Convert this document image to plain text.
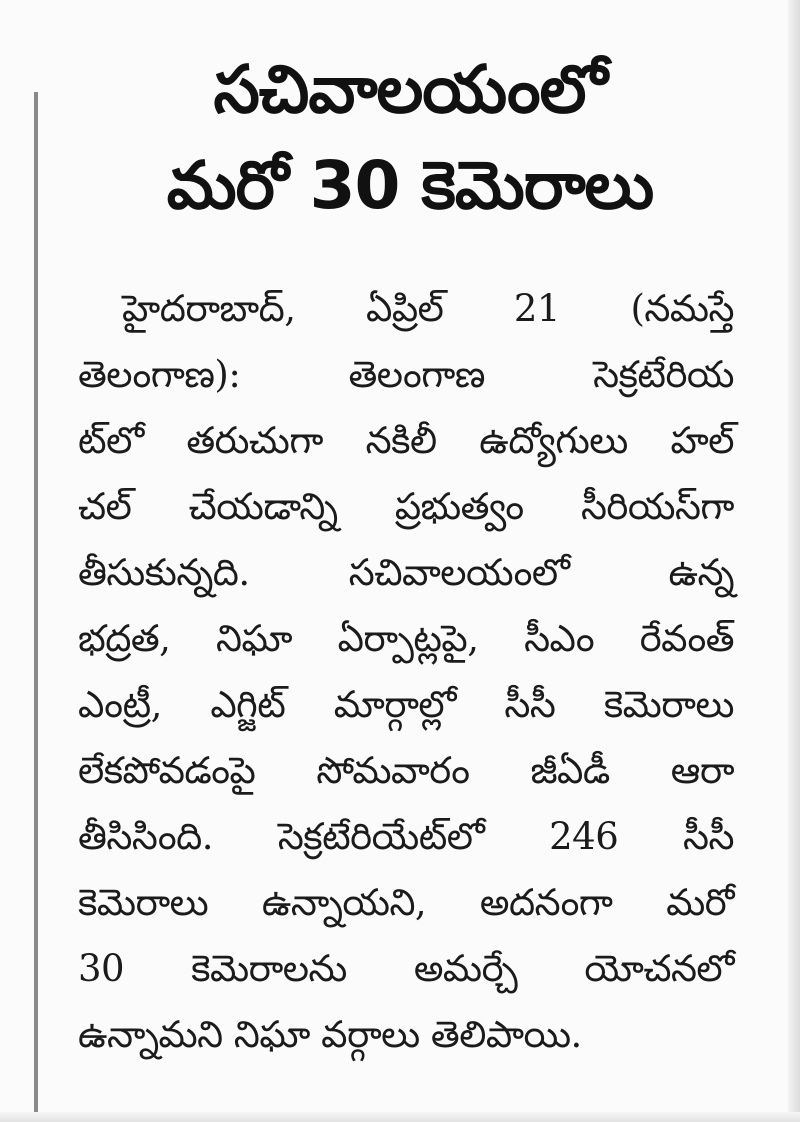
సచివాలయంలో
మరో 30 కెమెరాలు
హైదరాబాద్, ఏప్రిల్ 21 (నమస్తే
తెలంగాణ): తెలంగాణ సెక్రటేరియ
ట్‌లో తరుచుగా నకిలీ ఉద్యోగులు హల్
చల్ చేయడాన్ని ప్రభుత్వం సీరియస్‌గా
తీసుకున్నది. సచివాలయంలో ఉన్న
భద్రత, నిఘా ఏర్పాట్లపై, సీఎం రేవంత్
ఎంట్రీ, ఎగ్జిట్ మార్గాల్లో సీసీ కెమెరాలు
లేకపోవడంపై సోమవారం జీఏడీ ఆరా
తీసిసింది. సెక్రటేరియేట్‌లో 246 సీసీ
కెమెరాలు ఉన్నాయని, అదనంగా మరో
30 కెమెరాలను అమర్చే యోచనలో
ఉన్నామని నిఘా వర్గాలు తెలిపాయి.
